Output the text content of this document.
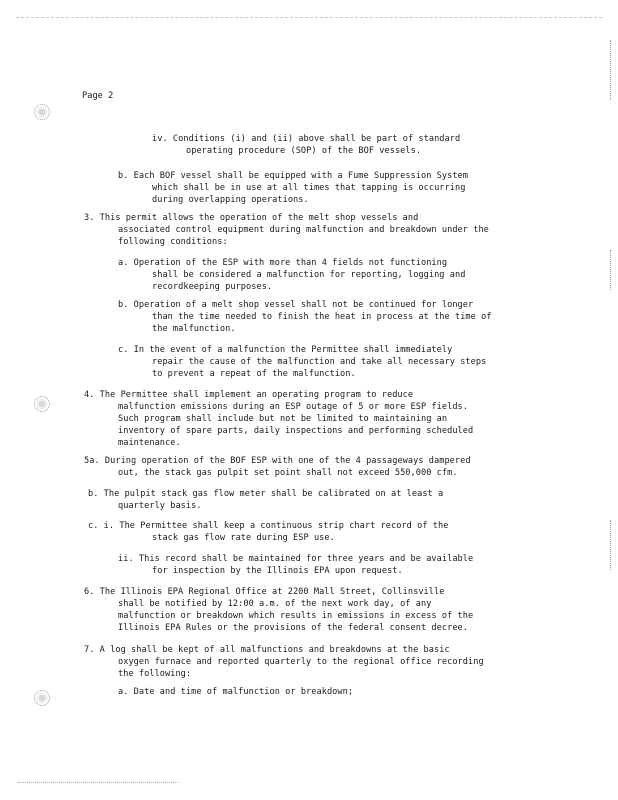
Page 2
iv. Conditions (i) and (ii) above shall be part of standard
operating procedure (SOP) of the BOF vessels.
b. Each BOF vessel shall be equipped with a Fume Suppression System
which shall be in use at all times that tapping is occurring
during overlapping operations.
3. This permit allows the operation of the melt shop vessels and
associated control equipment during malfunction and breakdown under the
following conditions:
a. Operation of the ESP with more than 4 fields not functioning
shall be considered a malfunction for reporting, logging and
recordkeeping purposes.
b. Operation of a melt shop vessel shall not be continued for longer
than the time needed to finish the heat in process at the time of
the malfunction.
c. In the event of a malfunction the Permittee shall immediately
repair the cause of the malfunction and take all necessary steps
to prevent a repeat of the malfunction.
4. The Permittee shall implement an operating program to reduce
malfunction emissions during an ESP outage of 5 or more ESP fields.
Such program shall include but not be limited to maintaining an
inventory of spare parts, daily inspections and performing scheduled
maintenance.
5a. During operation of the BOF ESP with one of the 4 passageways dampered
out, the stack gas pulpit set point shall not exceed 550,000 cfm.
b. The pulpit stack gas flow meter shall be calibrated on at least a
quarterly basis.
c. i. The Permittee shall keep a continuous strip chart record of the
stack gas flow rate during ESP use.
ii. This record shall be maintained for three years and be available
for inspection by the Illinois EPA upon request.
6. The Illinois EPA Regional Office at 2200 Mall Street, Collinsville
shall be notified by 12:00 a.m. of the next work day, of any
malfunction or breakdown which results in emissions in excess of the
Illinois EPA Rules or the provisions of the federal consent decree.
7. A log shall be kept of all malfunctions and breakdowns at the basic
oxygen furnace and reported quarterly to the regional office recording
the following:
a. Date and time of malfunction or breakdown;
